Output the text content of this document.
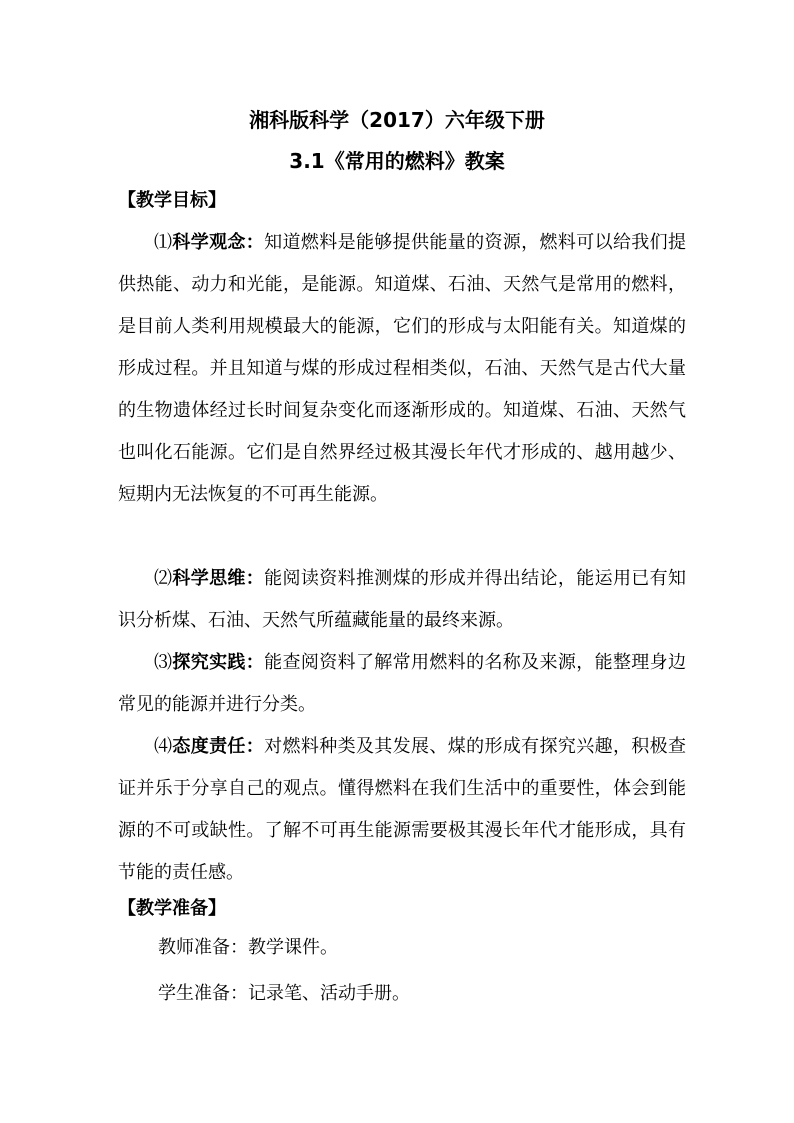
湘科版科学（2017）六年级下册
3.1《常用的燃料》教案
【教学目标】
⑴科学观念：知道燃料是能够提供能量的资源，燃料可以给我们提供热能、动力和光能，是能源。知道煤、石油、天然气是常用的燃料，是目前人类利用规模最大的能源，它们的形成与太阳能有关。知道煤的形成过程。并且知道与煤的形成过程相类似，石油、天然气是古代大量的生物遗体经过长时间复杂变化而逐渐形成的。知道煤、石油、天然气也叫化石能源。它们是自然界经过极其漫长年代才形成的、越用越少、短期内无法恢复的不可再生能源。
⑵科学思维：能阅读资料推测煤的形成并得出结论，能运用已有知识分析煤、石油、天然气所蕴藏能量的最终来源。
⑶探究实践：能查阅资料了解常用燃料的名称及来源，能整理身边常见的能源并进行分类。
⑷态度责任：对燃料种类及其发展、煤的形成有探究兴趣，积极查证并乐于分享自己的观点。懂得燃料在我们生活中的重要性，体会到能源的不可或缺性。了解不可再生能源需要极其漫长年代才能形成，具有节能的责任感。
【教学准备】
教师准备：教学课件。
学生准备：记录笔、活动手册。
